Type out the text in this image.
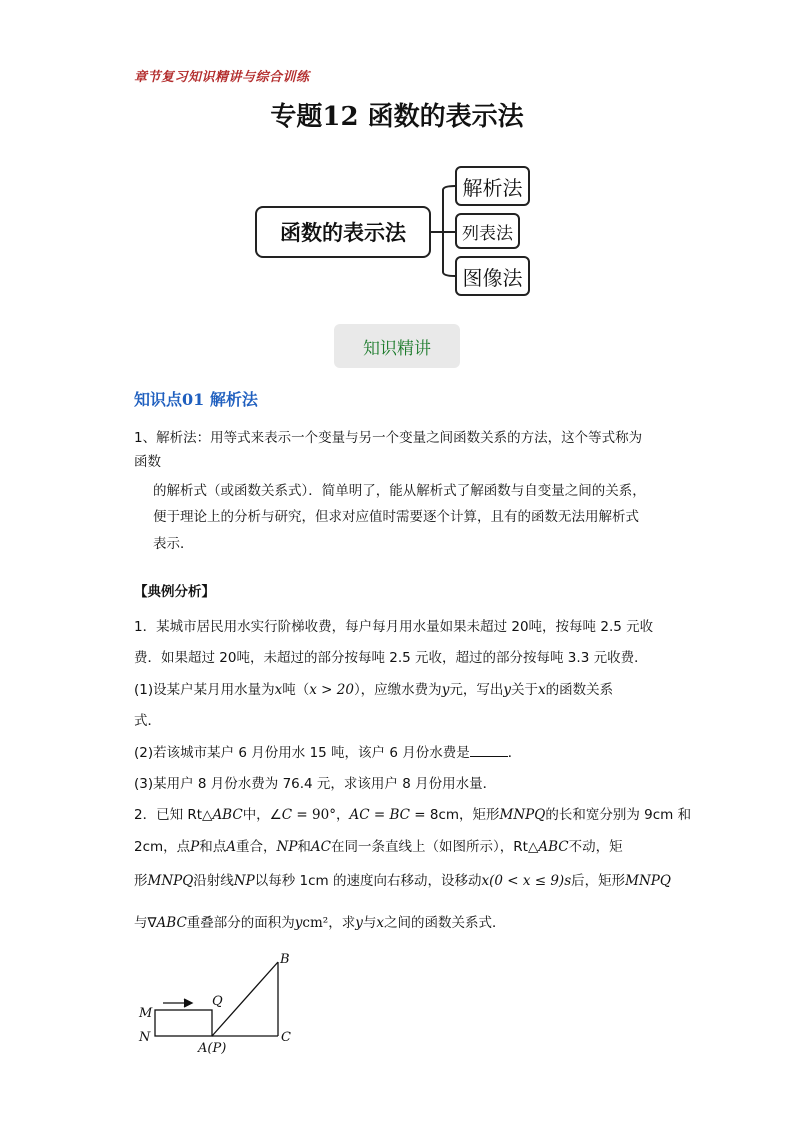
章节复习知识精讲与综合训练
专题12 函数的表示法
函数的表示法
解析法
列表法
图像法
知识精讲
知识点01 解析法
1、解析法：用等式来表示一个变量与另一个变量之间函数关系的方法，这个等式称为
函数
的解析式（或函数关系式）．简单明了，能从解析式了解函数与自变量之间的关系，
便于理论上的分析与研究，但求对应值时需要逐个计算，且有的函数无法用解析式
表示．
【典例分析】
1．某城市居民用水实行阶梯收费，每户每月用水量如果未超过 20吨，按每吨 2.5 元收
费．如果超过 20吨，未超过的部分按每吨 2.5 元收，超过的部分按每吨 3.3 元收费．
(1)设某户某月用水量为x吨（x > 20），应缴水费为y元，写出y关于x的函数关系
式．
(2)若该城市某户 6 月份用水 15 吨，该户 6 月份水费是	．
(3)某用户 8 月份水费为 76.4 元，求该用户 8 月份用水量．
2．已知 Rt△ABC中，∠C = 90°，AC = BC = 8cm，矩形MNPQ的长和宽分别为 9cm 和
2cm，点P和点A重合，NP和AC在同一条直线上（如图所示），Rt△ABC不动，矩
形MNPQ沿射线NP以每秒 1cm 的速度向右移动，设移动x(0 < x ≤ 9)s后，矩形MNPQ
与∇ABC重叠部分的面积为ycm²，求y与x之间的函数关系式．
B
Q
M
N	C
A(P)
